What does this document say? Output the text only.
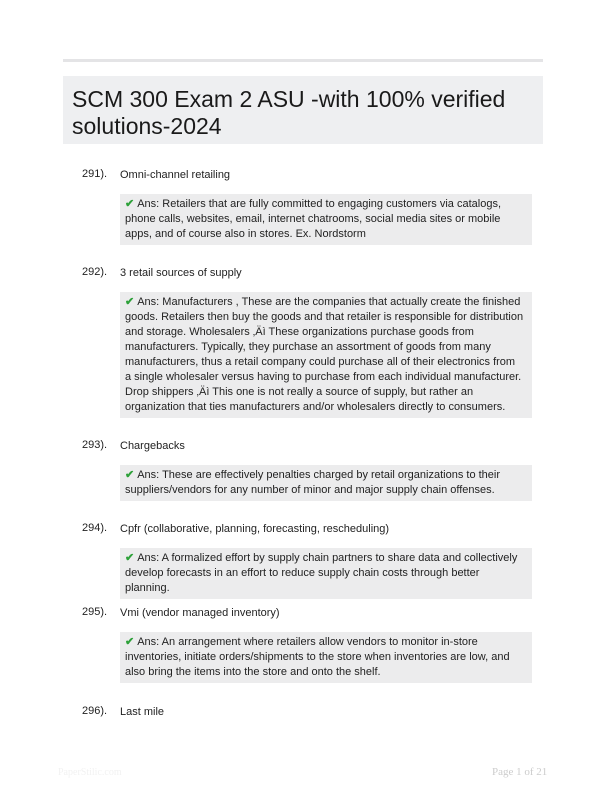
SCM 300 Exam 2 ASU -with 100% verified solutions-2024
291). Omni-channel retailing
✔ Ans: Retailers that are fully committed to engaging customers via catalogs, phone calls, websites, email, internet chatrooms, social media sites or mobile apps, and of course also in stores. Ex. Nordstorm
292). 3 retail sources of supply
✔ Ans: Manufacturers , These are the companies that actually create the finished goods. Retailers then buy the goods and that retailer is responsible for distribution and storage. Wholesalers ‚Äì These organizations purchase goods from manufacturers. Typically, they purchase an assortment of goods from many manufacturers, thus a retail company could purchase all of their electronics from a single wholesaler versus having to purchase from each individual manufacturer. Drop shippers ‚Äì This one is not really a source of supply, but rather an organization that ties manufacturers and/or wholesalers directly to consumers.
293). Chargebacks
✔ Ans: These are effectively penalties charged by retail organizations to their suppliers/vendors for any number of minor and major supply chain offenses.
294). Cpfr (collaborative, planning, forecasting, rescheduling)
✔ Ans: A formalized effort by supply chain partners to share data and collectively develop forecasts in an effort to reduce supply chain costs through better planning.
295). Vmi (vendor managed inventory)
✔ Ans: An arrangement where retailers allow vendors to monitor in-store inventories, initiate orders/shipments to the store when inventories are low, and also bring the items into the store and onto the shelf.
296). Last mile
PaperStilic.com	Page 1 of 21
